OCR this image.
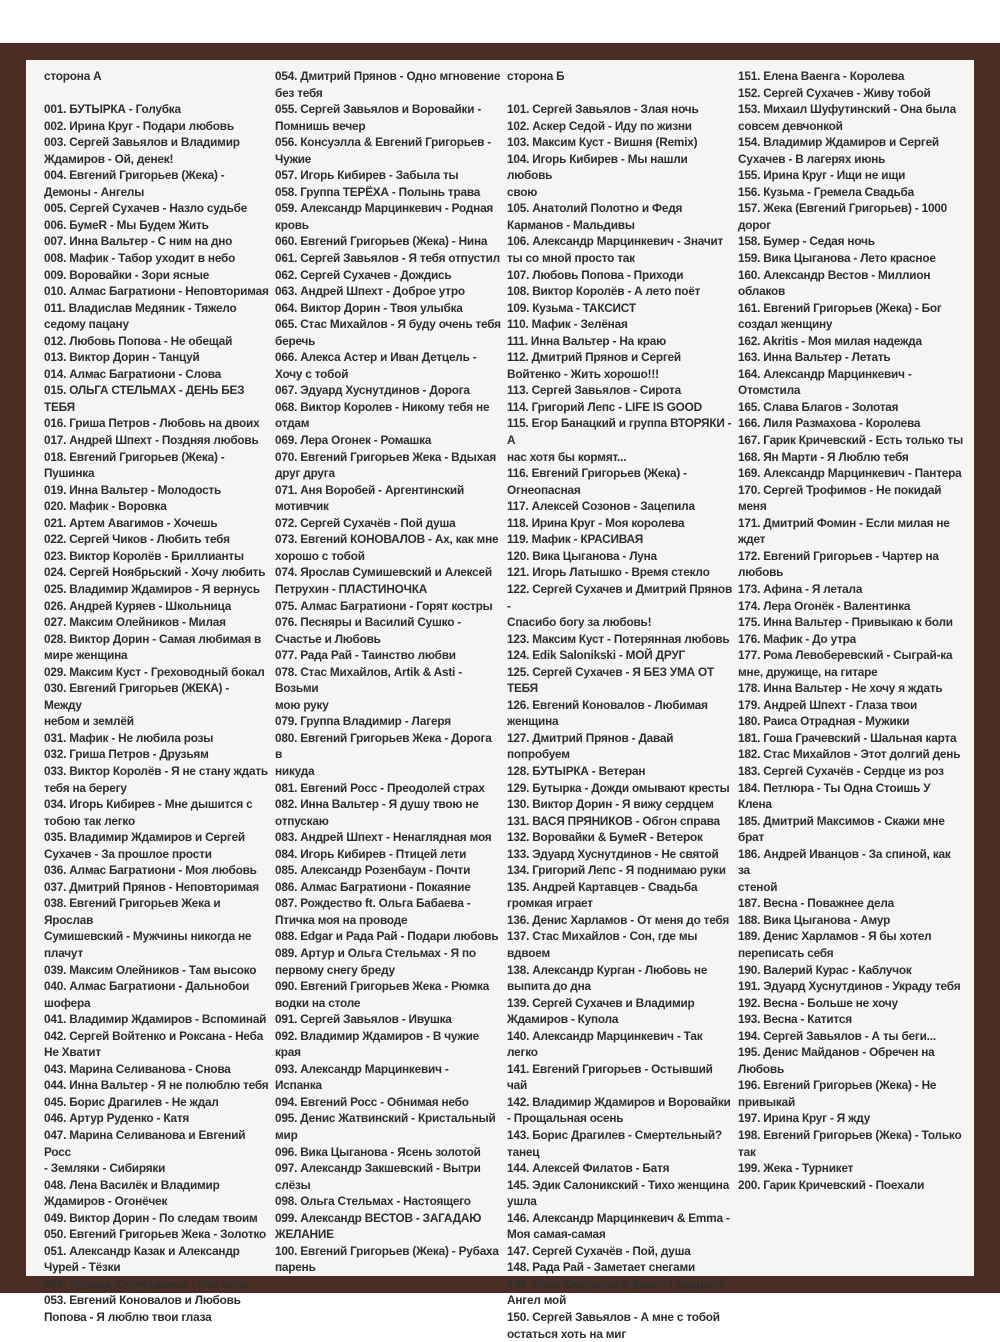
сторона А
001. БУТЫРКА - Голубка
002. Ирина Круг - Подари любовь
003. Сергей Завьялов и Владимир
Ждамиров - Ой, денек!
004. Евгений Григорьев (Жека) -
Демоны - Ангелы
005. Сергей Сухачев - Назло судьбе
006. БумеR - Мы Будем Жить
007. Инна Вальтер - С ним на дно
008. Мафик - Табор уходит в небо
009. Воровайки - Зори ясные
010. Алмас Багратиони - Неповторимая
011. Владислав Медяник - Тяжело
седому пацану
012. Любовь Попова - Не обещай
013. Виктор Дорин - Танцуй
014. Алмас Багратиони - Слова
015. ОЛЬГА СТЕЛЬМАХ - ДЕНЬ БЕЗ ТЕБЯ
016. Гриша Петров - Любовь на двоих
017. Андрей Шпехт - Поздняя любовь
018. Евгений Григорьев (Жека) -
Пушинка
019. Инна Вальтер - Молодость
020. Мафик - Воровка
021. Артем Авагимов - Хочешь
022. Сергей Чиков - Любить тебя
023. Виктор Королёв - Бриллианты
024. Сергей Ноябрьский - Хочу любить
025. Владимир Ждамиров - Я вернусь
026. Андрей Куряев - Школьница
027. Максим Олейников - Милая
028. Виктор Дорин - Самая любимая в
мире женщина
029. Максим Куст - Греховодный бокал
030. Евгений Григорьев (ЖЕКА) - Между
небом и землёй
031. Мафик - Не любила розы
032. Гриша Петров - Друзьям
033. Виктор Королёв - Я не стану ждать
тебя на берегу
034. Игорь Кибирев - Мне дышится с
тобою так легко
035. Владимир Ждамиров и Сергей
Сухачев - За прошлое прости
036. Алмас Багратиони - Моя любовь
037. Дмитрий Прянов - Неповторимая
038. Евгений Григорьев Жека и Ярослав
Сумишевский - Мужчины никогда не
плачут
039. Максим Олейников - Там высоко
040. Алмас Багратиони - Дальнобои
шофера
041. Владимир Ждамиров - Вспоминай
042. Сергей Войтенко и Роксана - Неба
Не Хватит
043. Марина Селиванова - Снова
044. Инна Вальтер - Я не полюблю тебя
045. Борис Драгилев - Не ждал
046. Артур Руденко - Катя
047. Марина Селиванова и Евгений Росс
- Земляки - Сибиряки
048. Лена Василёк и Владимир
Ждамиров - Огонёчек
049. Виктор Дорин - По следам твоим
050. Евгений Григорьев Жека - Золотко
051. Александр Казак и Александр
Чурей - Тёзки
052. Эдуард Хуснутдинов - Как жаль
053. Евгений Коновалов и Любовь
Попова - Я люблю твои глаза
054. Дмитрий Прянов - Одно мгновение
без тебя
055. Сергей Завьялов и Воровайки -
Помнишь вечер
056. Консуэлла & Евгений Григорьев -
Чужие
057. Игорь Кибирев - Забыла ты
058. Группа ТЕРЁХА - Полынь трава
059. Александр Марцинкевич - Родная
кровь
060. Евгений Григорьев (Жека) - Нина
061. Сергей Завьялов - Я тебя отпустил
062. Сергей Сухачев - Дождись
063. Андрей Шпехт - Доброе утро
064. Виктор Дорин - Твоя улыбка
065. Стас Михайлов - Я буду очень тебя
беречь
066. Алекса Астер и Иван Детцель -
Хочу с тобой
067. Эдуард Хуснутдинов - Дорога
068. Виктор Королев - Никому тебя не
отдам
069. Лера Огонек - Ромашка
070. Евгений Григорьев Жека - Вдыхая
друг друга
071. Аня Воробей - Аргентинский
мотивчик
072. Сергей Сухачёв - Пой душа
073. Евгений КОНОВАЛОВ - Ах, как мне
хорошо с тобой
074. Ярослав Сумишевский и Алексей
Петрухин - ПЛАСТИНОЧКА
075. Алмас Багратиони - Горят костры
076. Песняры и Василий Сушко -
Счастье и Любовь
077. Рада Рай - Таинство любви
078. Стас Михайлов, Artik & Asti - Возьми
мою руку
079. Группа Владимир - Лагеря
080. Евгений Григорьев Жека - Дорога в
никуда
081. Евгений Росс - Преодолей страх
082. Инна Вальтер - Я душу твою не
отпускаю
083. Андрей Шпехт - Ненаглядная моя
084. Игорь Кибирев - Птицей лети
085. Александр Розенбаум - Почти
086. Алмас Багратиони - Покаяние
087. Рождество ft. Ольга Бабаева -
Птичка моя на проводе
088. Edgar и Рада Рай - Подари любовь
089. Артур и Ольга Стельмах - Я по
первому снегу бреду
090. Евгений Григорьев Жека - Рюмка
водки на столе
091. Сергей Завьялов - Ивушка
092. Владимир Ждамиров - В чужие
края
093. Александр Марцинкевич -
Испанка
094. Евгений Росс - Обнимая небо
095. Денис Жатвинский - Кристальный
мир
096. Вика Цыганова - Ясень золотой
097. Александр Закшевский - Вытри
слёзы
098. Ольга Стельмах - Настоящего
099. Александр ВЕСТОВ - ЗАГАДАЮ
ЖЕЛАНИЕ
100. Евгений Григорьев (Жека) - Рубаха
парень
сторона Б
101. Сергей Завьялов - Злая ночь
102. Аскер Седой - Иду по жизни
103. Максим Куст - Вишня (Remix)
104. Игорь Кибирев - Мы нашли любовь
свою
105. Анатолий Полотно и Федя
Карманов - Мальдивы
106. Александр Марцинкевич - Значит
ты со мной просто так
107. Любовь Попова - Приходи
108. Виктор Королёв - А лето поёт
109. Кузьма - ТАКСИСТ
110. Мафик - Зелёная
111. Инна Вальтер - На краю
112. Дмитрий Прянов и Сергей
Войтенко - Жить хорошо!!!
113. Сергей Завьялов - Сирота
114. Григорий Лепс - LIFE IS GOOD
115. Егор Банацкий и группа ВТОРЯКИ - А
нас хотя бы кормят...
116. Евгений Григорьев (Жека) -
Огнеопасная
117. Алексей Созонов - Зацепила
118. Ирина Круг - Моя королева
119. Мафик - КРАСИВАЯ
120. Вика Цыганова - Луна
121. Игорь Латышко - Время стекло
122. Сергей Сухачев и Дмитрий Прянов -
Спасибо богу за любовь!
123. Максим Куст - Потерянная любовь
124. Edik Salonikski - МОЙ ДРУГ
125. Сергей Сухачев - Я БЕЗ УМА ОТ ТЕБЯ
126. Евгений Коновалов - Любимая
женщина
127. Дмитрий Прянов - Давай
попробуем
128. БУТЫРКА - Ветеран
129. Бутырка - Дожди омывают кресты
130. Виктор Дорин - Я вижу сердцем
131. ВАСЯ ПРЯНИКОВ - Обгон справа
132. Воровайки & БумеR - Ветерок
133. Эдуард Хуснутдинов - Не святой
134. Григорий Лепс - Я поднимаю руки
135. Андрей Картавцев - Свадьба
громкая играет
136. Денис Харламов - От меня до тебя
137. Стас Михайлов - Сон, где мы
вдвоем
138. Александр Курган - Любовь не
выпита до дна
139. Сергей Сухачев и Владимир
Ждамиров - Купола
140. Александр Марцинкевич - Так
легко
141. Евгений Григорьев - Остывший чай
142. Владимир Ждамиров и Воровайки
- Прощальная осень
143. Борис Драгилев - Смертельный?
танец
144. Алексей Филатов - Батя
145. Эдик Салоникский - Тихо женщина
ушла
146. Александр Марцинкевич & Emma -
Моя самая-самая
147. Сергей Сухачёв - Пой, душа
148. Рада Рай - Заметает снегами
149. Яков Кирсанов и Денис Годицкий -
Ангел мой
150. Сергей Завьялов - А мне с тобой
остаться хоть на миг
151. Елена Ваенга - Королева
152. Сергей Сухачев - Живу тобой
153. Михаил Шуфутинский - Она была
совсем девчонкой
154. Владимир Ждамиров и Сергей
Сухачев - В лагерях июнь
155. Ирина Круг - Ищи не ищи
156. Кузьма - Гремела Свадьба
157. Жека (Евгений Григорьев) - 1000
дорог
158. Бумер - Седая ночь
159. Вика Цыганова - Лето красное
160. Александр Вестов - Миллион
облаков
161. Евгений Григорьев (Жека) - Бог
создал женщину
162. Akritis - Моя милая надежда
163. Инна Вальтер - Летать
164. Александр Марцинкевич -
Отомстила
165. Слава Благов - Золотая
166. Лиля Размахова - Королева
167. Гарик Кричевский - Есть только ты
168. Ян Марти - Я Люблю тебя
169. Александр Марцинкевич - Пантера
170. Сергей Трофимов - Не покидай
меня
171. Дмитрий Фомин - Если милая не
ждет
172. Евгений Григорьев - Чартер на
любовь
173. Афина - Я летала
174. Лера Огонёк - Валентинка
175. Инна Вальтер - Привыкаю к боли
176. Мафик - До утра
177. Рома Левоберевский - Сыграй-ка
мне, дружище, на гитаре
178. Инна Вальтер - Не хочу я ждать
179. Андрей Шпехт - Глаза твои
180. Раиса Отрадная - Мужики
181. Гоша Грачевский - Шальная карта
182. Стас Михайлов - Этот долгий день
183. Сергей Сухачёв - Сердце из роз
184. Петлюра - Ты Одна Стоишь У Клена
185. Дмитрий Максимов - Скажи мне
брат
186. Андрей Иванцов - За спиной, как за
стеной
187. Весна - Поважнее дела
188. Вика Цыганова - Амур
189. Денис Харламов - Я бы хотел
переписать себя
190. Валерий Курас - Каблучок
191. Эдуард Хуснутдинов - Украду тебя
192. Весна - Больше не хочу
193. Весна - Катится
194. Сергей Завьялов - А ты беги...
195. Денис Майданов - Обречен на
Любовь
196. Евгений Григорьев (Жека) - Не
привыкай
197. Ирина Круг - Я жду
198. Евгений Григорьев (Жека) - Только
так
199. Жека - Турникет
200. Гарик Кричевский - Поехали
